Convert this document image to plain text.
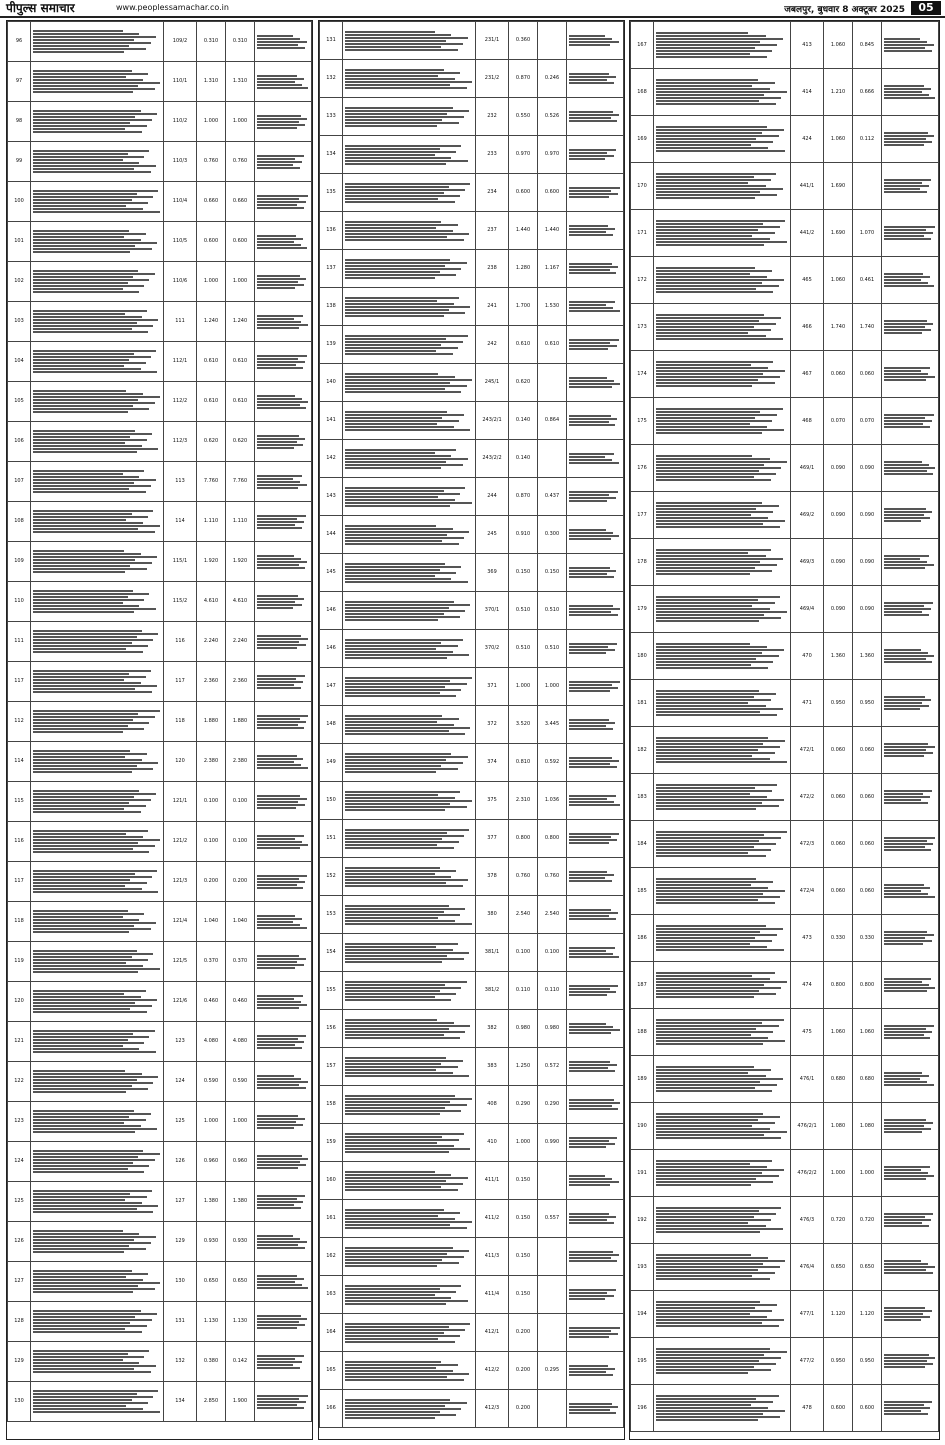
पीपुल्स समाचार	www.peoplessamachar.co.in	जबलपुर, बुधवार 8 अक्टूबर 2025	05
96		109/2	0.310	0.310	

97		110/1	1.310	1.310	

98		110/2	1.000	1.000	

99		110/3	0.760	0.760	

100		110/4	0.660	0.660	

101		110/5	0.600	0.600	

102		110/6	1.000	1.000	

103		111	1.240	1.240	

104		112/1	0.610	0.610	

105		112/2	0.610	0.610	

106		112/3	0.620	0.620	

107		113	7.760	7.760	

108		114	1.110	1.110	

109		115/1	1.920	1.920	

110		115/2	4.610	4.610	

111		116	2.240	2.240	

117		117	2.360	2.360	

112		118	1.880	1.880	

114		120	2.380	2.380	

115		121/1	0.100	0.100	

116		121/2	0.100	0.100	

117		121/3	0.200	0.200	

118		121/4	1.040	1.040	

119		121/5	0.370	0.370	

120		121/6	0.460	0.460	

121		123	4.080	4.080	

122		124	0.590	0.590	

123		125	1.000	1.000	

124		126	0.960	0.960	

125		127	1.380	1.380	

126		129	0.930	0.930	

127		130	0.650	0.650	

128		131	1.130	1.130	

129		132	0.380	0.142	

130		134	2.850	1.900	
131		231/1	0.360		

132		231/2	0.870	0.246	

133		232	0.550	0.526	

134		233	0.970	0.970	

135		234	0.600	0.600	

136		237	1.440	1.440	

137		238	1.280	1.167	

138		241	1.700	1.530	

139		242	0.610	0.610	

140		245/1	0.620		

141		243/2/1	0.140	0.864	

142		243/2/2	0.140		

143		244	0.870	0.437	

144		245	0.910	0.300	

145		369	0.150	0.150	

146		370/1	0.510	0.510	

146		370/2	0.510	0.510	

147		371	1.000	1.000	

148		372	3.520	3.445	

149		374	0.810	0.592	

150		375	2.310	1.036	

151		377	0.800	0.800	

152		378	0.760	0.760	

153		380	2.540	2.540	

154		381/1	0.100	0.100	

155		381/2	0.110	0.110	

156		382	0.980	0.980	

157		383	1.250	0.572	

158		408	0.290	0.290	

159		410	1.000	0.990	

160		411/1	0.150		

161		411/2	0.150	0.557	

162		411/3	0.150		

163		411/4	0.150		

164		412/1	0.200		

165		412/2	0.200	0.295	

166		412/3	0.200		
167		413	1.060	0.845	

168		414	1.210	0.666	

169		424	1.060	0.112	

170		441/1	1.690		

171		441/2	1.690	1.070	

172		465	1.060	0.461	

173		466	1.740	1.740	

174		467	0.060	0.060	

175		468	0.070	0.070	

176		469/1	0.090	0.090	

177		469/2	0.090	0.090	

178		469/3	0.090	0.090	

179		469/4	0.090	0.090	

180		470	1.360	1.360	

181		471	0.950	0.950	

182		472/1	0.060	0.060	

183		472/2	0.060	0.060	

184		472/3	0.060	0.060	

185		472/4	0.060	0.060	

186		473	0.330	0.330	

187		474	0.800	0.800	

188		475	1.060	1.060	

189		476/1	0.680	0.680	

190		476/2/1	1.080	1.080	

191		476/2/2	1.000	1.000	

192		476/3	0.720	0.720	

193		476/4	0.650	0.650	

194		477/1	1.120	1.120	

195		477/2	0.950	0.950	

196		478	0.600	0.600	
